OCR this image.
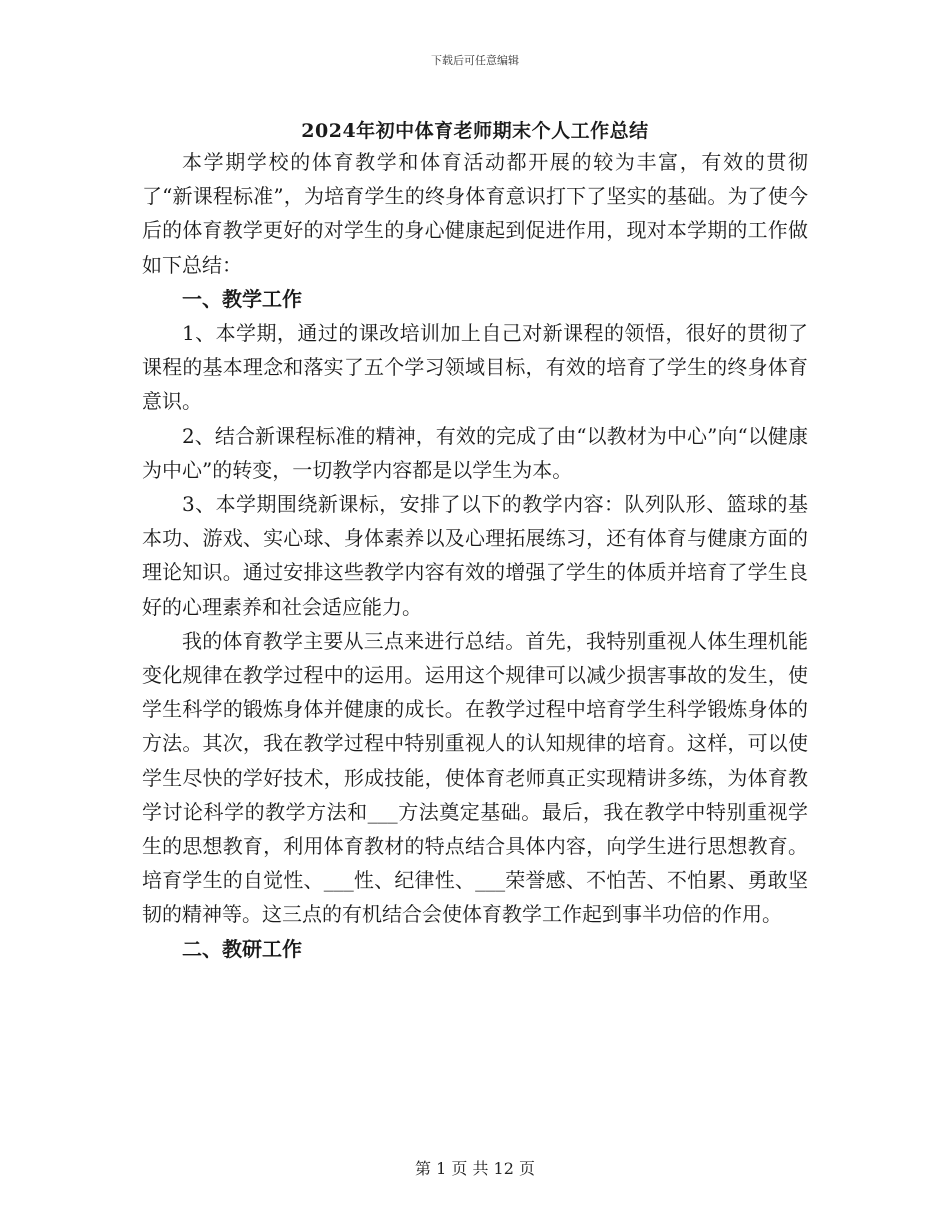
下载后可任意编辑
2024年初中体育老师期末个人工作总结

本学期学校的体育教学和体育活动都开展的较为丰富，有效的贯彻了“新课程标准”，为培育学生的终身体育意识打下了坚实的基础。为了使今后的体育教学更好的对学生的身心健康起到促进作用，现对本学期的工作做如下总结：

一、教学工作

1、本学期，通过的课改培训加上自己对新课程的领悟，很好的贯彻了课程的基本理念和落实了五个学习领域目标，有效的培育了学生的终身体育意识。

2、结合新课程标准的精神，有效的完成了由“以教材为中心”向“以健康为中心”的转变，一切教学内容都是以学生为本。

3、本学期围绕新课标，安排了以下的教学内容：队列队形、篮球的基本功、游戏、实心球、身体素养以及心理拓展练习，还有体育与健康方面的理论知识。通过安排这些教学内容有效的增强了学生的体质并培育了学生良好的心理素养和社会适应能力。

我的体育教学主要从三点来进行总结。首先，我特别重视人体生理机能变化规律在教学过程中的运用。运用这个规律可以减少损害事故的发生，使学生科学的锻炼身体并健康的成长。在教学过程中培育学生科学锻炼身体的方法。其次，我在教学过程中特别重视人的认知规律的培育。这样，可以使学生尽快的学好技术，形成技能，使体育老师真正实现精讲多练，为体育教学讨论科学的教学方法和___方法奠定基础。最后，我在教学中特别重视学生的思想教育，利用体育教材的特点结合具体内容，向学生进行思想教育。培育学生的自觉性、___性、纪律性、___荣誉感、不怕苦、不怕累、勇敢坚韧的精神等。这三点的有机结合会使体育教学工作起到事半功倍的作用。

二、教研工作

第 1 页 共 12 页
